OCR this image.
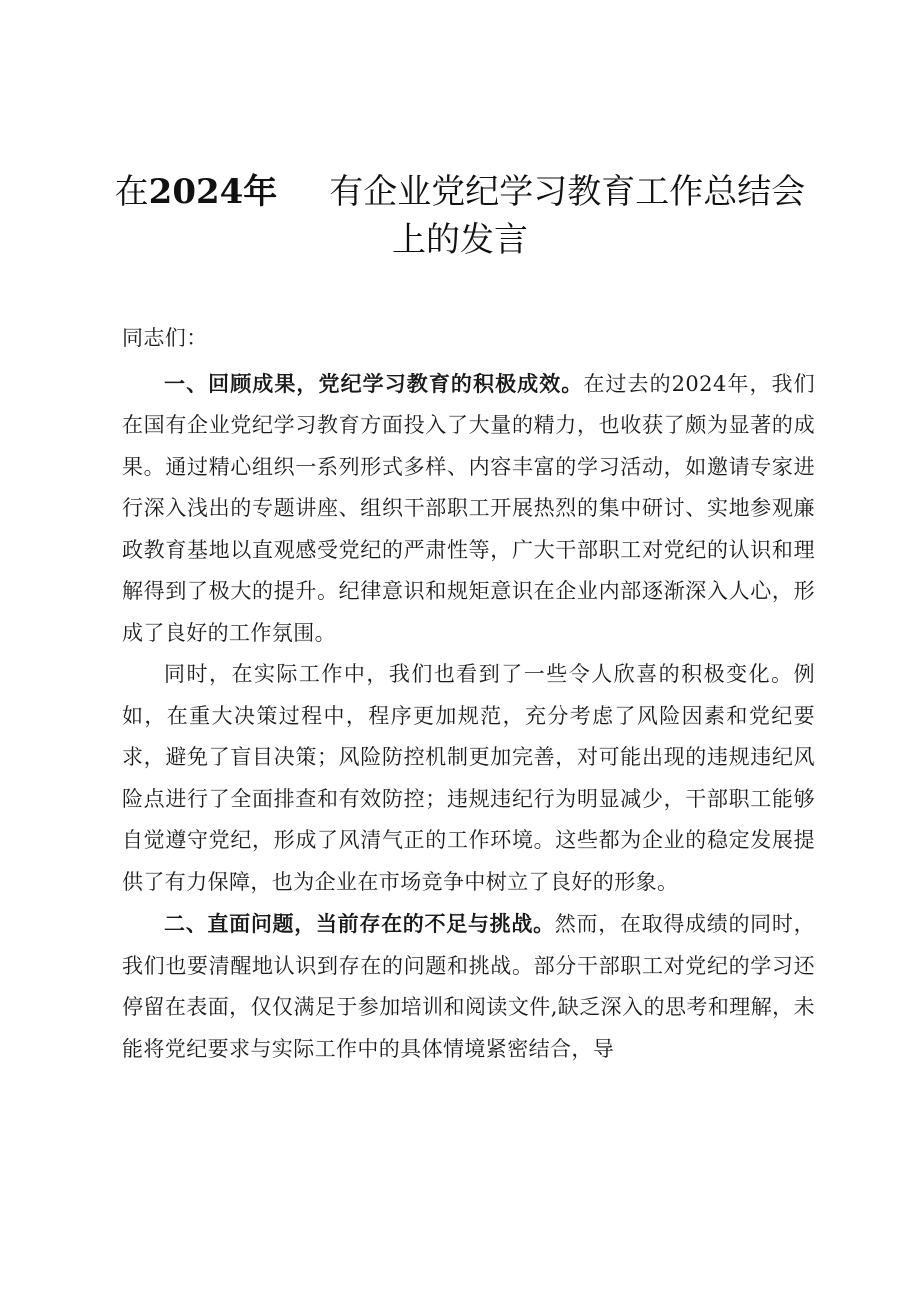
在2024年 有企业党纪学习教育工作总结会
上的发言

同志们：

一、回顾成果，党纪学习教育的积极成效。在过去的2024年，我们在国有企业党纪学习教育方面投入了大量的精力，也收获了颇为显著的成果。通过精心组织一系列形式多样、内容丰富的学习活动，如邀请专家进行深入浅出的专题讲座、组织干部职工开展热烈的集中研讨、实地参观廉政教育基地以直观感受党纪的严肃性等，广大干部职工对党纪的认识和理解得到了极大的提升。纪律意识和规矩意识在企业内部逐渐深入人心，形成了良好的工作氛围。

同时，在实际工作中，我们也看到了一些令人欣喜的积极变化。例如，在重大决策过程中，程序更加规范，充分考虑了风险因素和党纪要求，避免了盲目决策；风险防控机制更加完善，对可能出现的违规违纪风险点进行了全面排查和有效防控；违规违纪行为明显减少，干部职工能够自觉遵守党纪，形成了风清气正的工作环境。这些都为企业的稳定发展提供了有力保障，也为企业在市场竞争中树立了良好的形象。

二、直面问题，当前存在的不足与挑战。然而，在取得成绩的同时，我们也要清醒地认识到存在的问题和挑战。部分干部职工对党纪的学习还停留在表面，仅仅满足于参加培训和阅读文件,缺乏深入的思考和理解，未能将党纪要求与实际工作中的具体情境紧密结合，导
